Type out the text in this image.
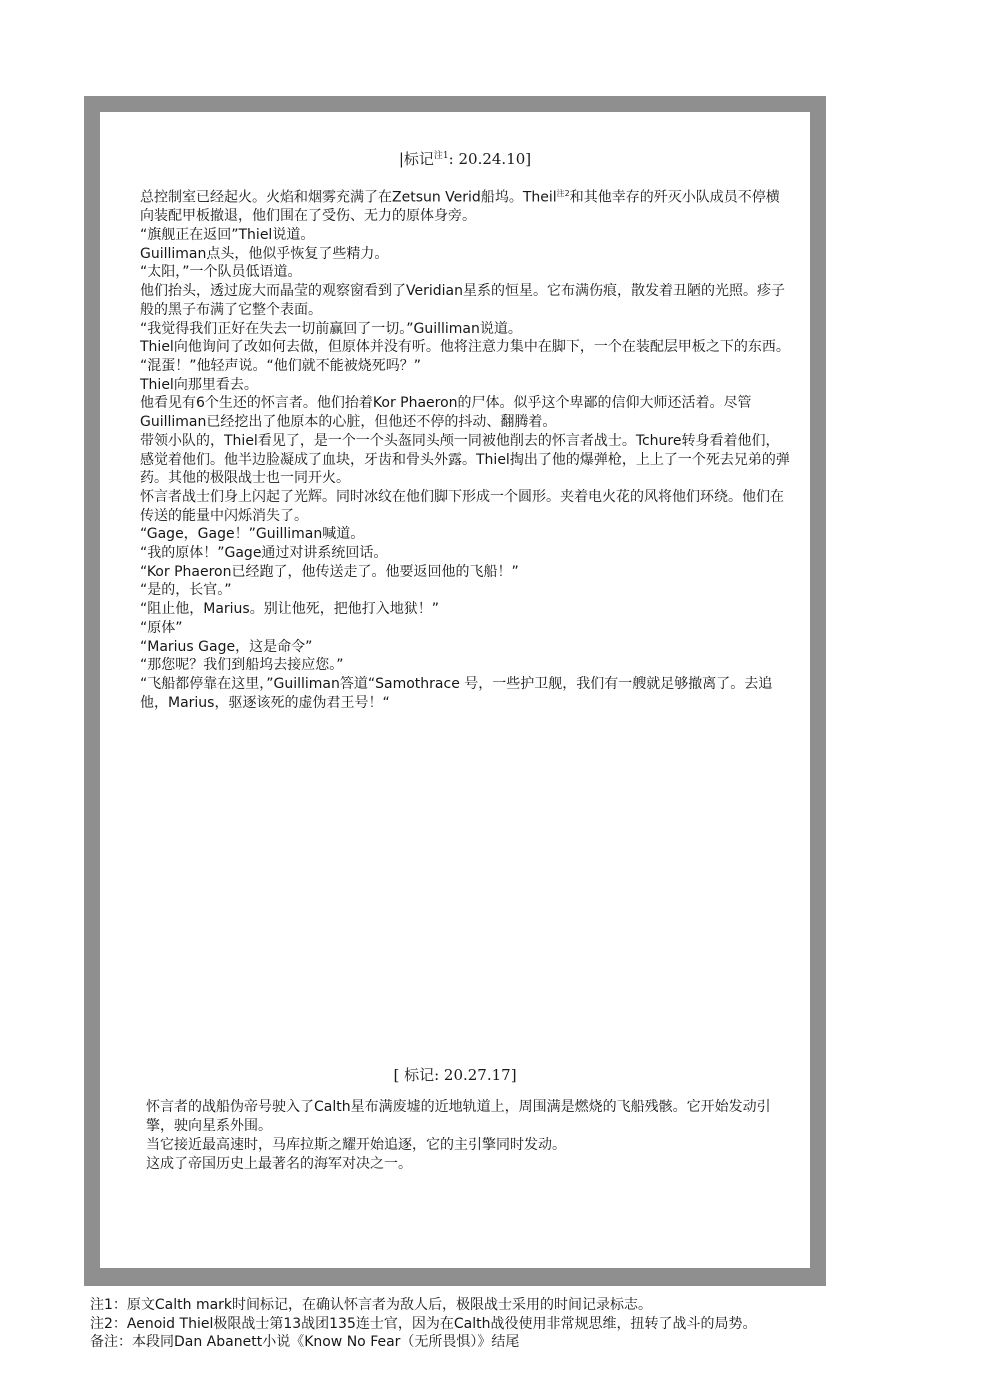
|标记$^{注1}$: 20.24.10]

总控制室已经起火。火焰和烟雾充满了在Zetsun Verid船坞。Theil$^{注2}$和其他幸存的歼灭小队成员不停横向装配甲板撤退，他们围在了受伤、无力的原体身旁。

“旗舰正在返回”Thiel说道。

Guilliman点头，他似乎恢复了些精力。

“太阳，”一个队员低语道。

他们抬头，透过庞大而晶莹的观察窗看到了Veridian星系的恒星。它布满伤痕，散发着丑陋的光照。疹子般的黑子布满了它整个表面。

“我觉得我们正好在失去一切前赢回了一切。”Guilliman说道。

Thiel向他询问了改如何去做，但原体并没有听。他将注意力集中在脚下，一个在装配层甲板之下的东西。

“混蛋！”他轻声说。“他们就不能被烧死吗？”

Thiel向那里看去。

他看见有6个生还的怀言者。他们抬着Kor Phaeron的尸体。似乎这个卑鄙的信仰大师还活着。尽管Guilliman已经挖出了他原本的心脏，但他还不停的抖动、翻腾着。

带领小队的，Thiel看见了，是一个一个头盔同头颅一同被他削去的怀言者战士。Tchure转身看着他们，感觉着他们。他半边脸凝成了血块，牙齿和骨头外露。Thiel掏出了他的爆弹枪，上上了一个死去兄弟的弹药。其他的极限战士也一同开火。

怀言者战士们身上闪起了光辉。同时冰纹在他们脚下形成一个圆形。夹着电火花的风将他们环绕。他们在传送的能量中闪烁消失了。

“Gage，Gage！”Guilliman喊道。

“我的原体！”Gage通过对讲系统回话。

“Kor Phaeron已经跑了，他传送走了。他要返回他的飞船！”

“是的，长官。”

“阻止他，Marius。别让他死，把他打入地狱！”

“原体”

“Marius Gage，这是命令”

“那您呢？我们到船坞去接应您。”

“飞船都停靠在这里，”Guilliman答道“Samothrace 号，一些护卫舰，我们有一艘就足够撤离了。去追他，Marius，驱逐该死的虚伪君王号！“

[ 标记: 20.27.17]

怀言者的战船伪帝号驶入了Calth星布满废墟的近地轨道上，周围满是燃烧的飞船残骸。它开始发动引擎，驶向星系外围。

当它接近最高速时，马库拉斯之耀开始追逐，它的主引擎同时发动。

这成了帝国历史上最著名的海军对决之一。

注1：原文Calth mark时间标记，在确认怀言者为敌人后，极限战士采用的时间记录标志。

注2：Aenoid Thiel极限战士第13战团135连士官，因为在Calth战役使用非常规思维，扭转了战斗的局势。

备注：本段同Dan Abanett小说《Know No Fear（无所畏惧）》结尾
